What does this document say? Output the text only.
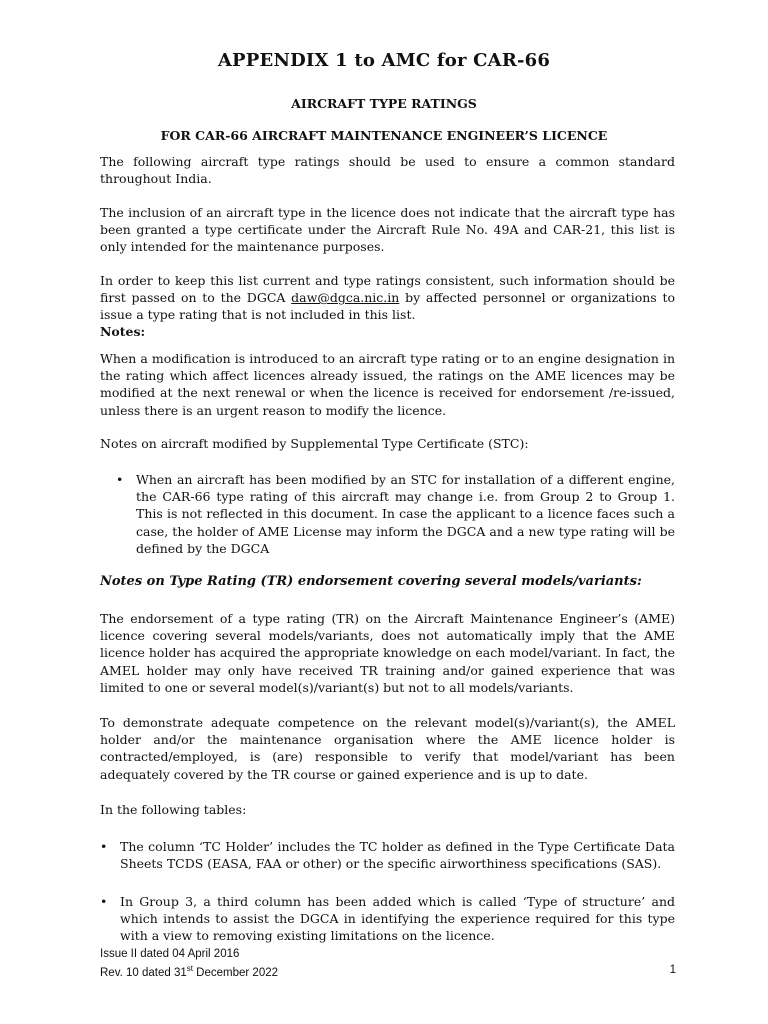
APPENDIX 1 to AMC for CAR-66
AIRCRAFT TYPE RATINGS
FOR CAR-66 AIRCRAFT MAINTENANCE ENGINEER’S LICENCE

The following aircraft type ratings should be used to ensure a common standard throughout India.

The inclusion of an aircraft type in the licence does not indicate that the aircraft type has been granted a type certificate under the Aircraft Rule No. 49A and CAR-21, this list is only intended for the maintenance purposes.

In order to keep this list current and type ratings consistent, such information should be first passed on to the DGCA daw@dgca.nic.in by affected personnel or organizations to issue a type rating that is not included in this list.

Notes:

When a modification is introduced to an aircraft type rating or to an engine designation in the rating which affect licences already issued, the ratings on the AME licences may be modified at the next renewal or when the licence is received for endorsement /re-issued, unless there is an urgent reason to modify the licence.

Notes on aircraft modified by Supplemental Type Certificate (STC):

•	When an aircraft has been modified by an STC for installation of a different engine, the CAR-66 type rating of this aircraft may change i.e. from Group 2 to Group 1. This is not reflected in this document. In case the applicant to a licence faces such a case, the holder of AME License may inform the DGCA and a new type rating will be defined by the DGCA
Notes on Type Rating (TR) endorsement covering several models/variants:

The endorsement of a type rating (TR) on the Aircraft Maintenance Engineer’s (AME) licence covering several models/variants, does not automatically imply that the AME licence holder has acquired the appropriate knowledge on each model/variant. In fact, the AMEL holder may only have received TR training and/or gained experience that was limited to one or several model(s)/variant(s) but not to all models/variants.

To demonstrate adequate competence on the relevant model(s)/variant(s), the AMEL holder and/or the maintenance organisation where the AME licence holder is contracted/employed, is (are) responsible to verify that model/variant has been adequately covered by the TR course or gained experience and is up to date.

In the following tables:

•	The column ‘TC Holder’ includes the TC holder as defined in the Type Certificate Data Sheets TCDS (EASA, FAA or other) or the specific airworthiness specifications (SAS).
•	In Group 3, a third column has been added which is called ‘Type of structure’ and which intends to assist the DGCA in identifying the experience required for this type with a view to removing existing limitations on the licence.
Issue II dated 04 April 2016
Rev. 10 dated 31st December 2022	1
